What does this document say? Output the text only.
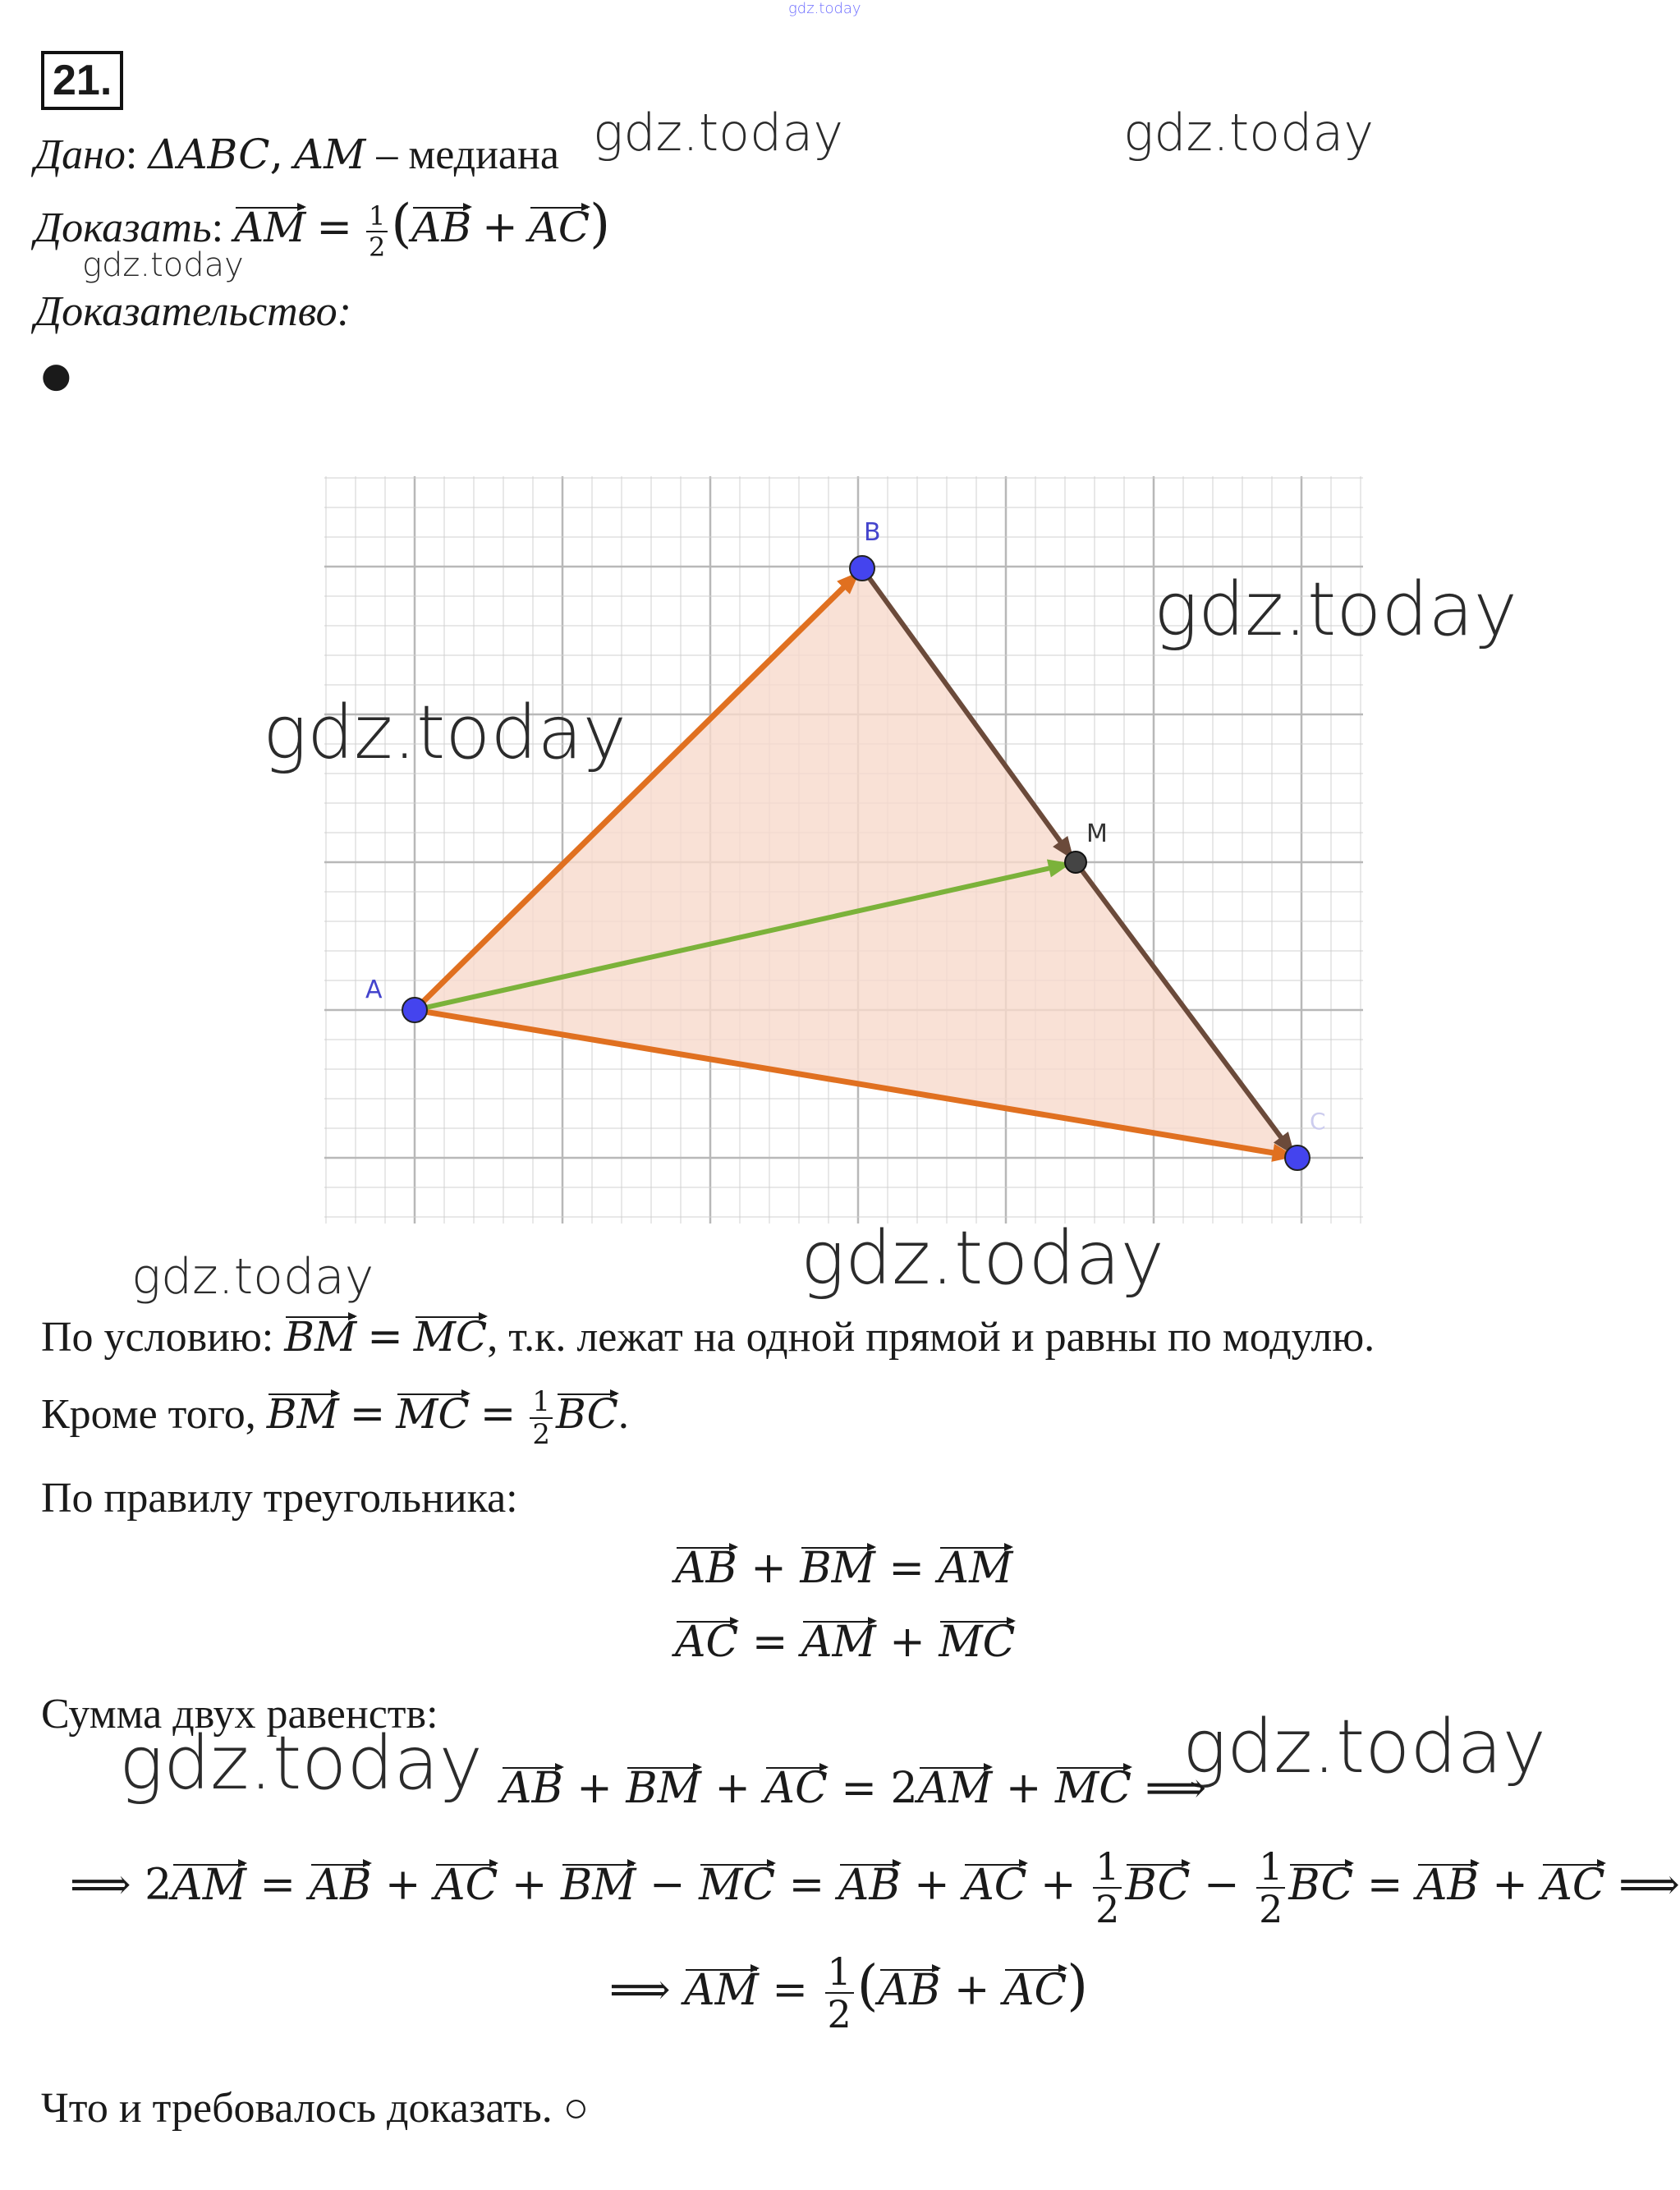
gdz.today
21.
Дано: ΔABC, AM – медиана
Доказать: AM = $\frac{1}{2} (AB + AC)$
Доказательство:
●
A
B
M
C
gdz.today	gdz.today
gdz.today
gdz.today
gdz.today
gdz.today	gdz.today
gdz.today	gdz.today
По условию: BM = MC, т.к. лежат на одной прямой и равны по модулю.
Кроме того, BM = MC = $\frac{1}{2}$ BC.
По правилу треугольника:
AB + BM = AM
AC = AM + MC
Сумма двух равенств:
AB + BM + AC = 2AM + MC ⟹
⟹ 2AM = AB + AC + BM − MC = AB + AC + $\frac{1}{2}$ BC − $\frac{1}{2}$ BC = AB + AC ⟹
⟹ AM = $\frac{1}{2} (AB + AC)$
Что и требовалось доказать. ○
